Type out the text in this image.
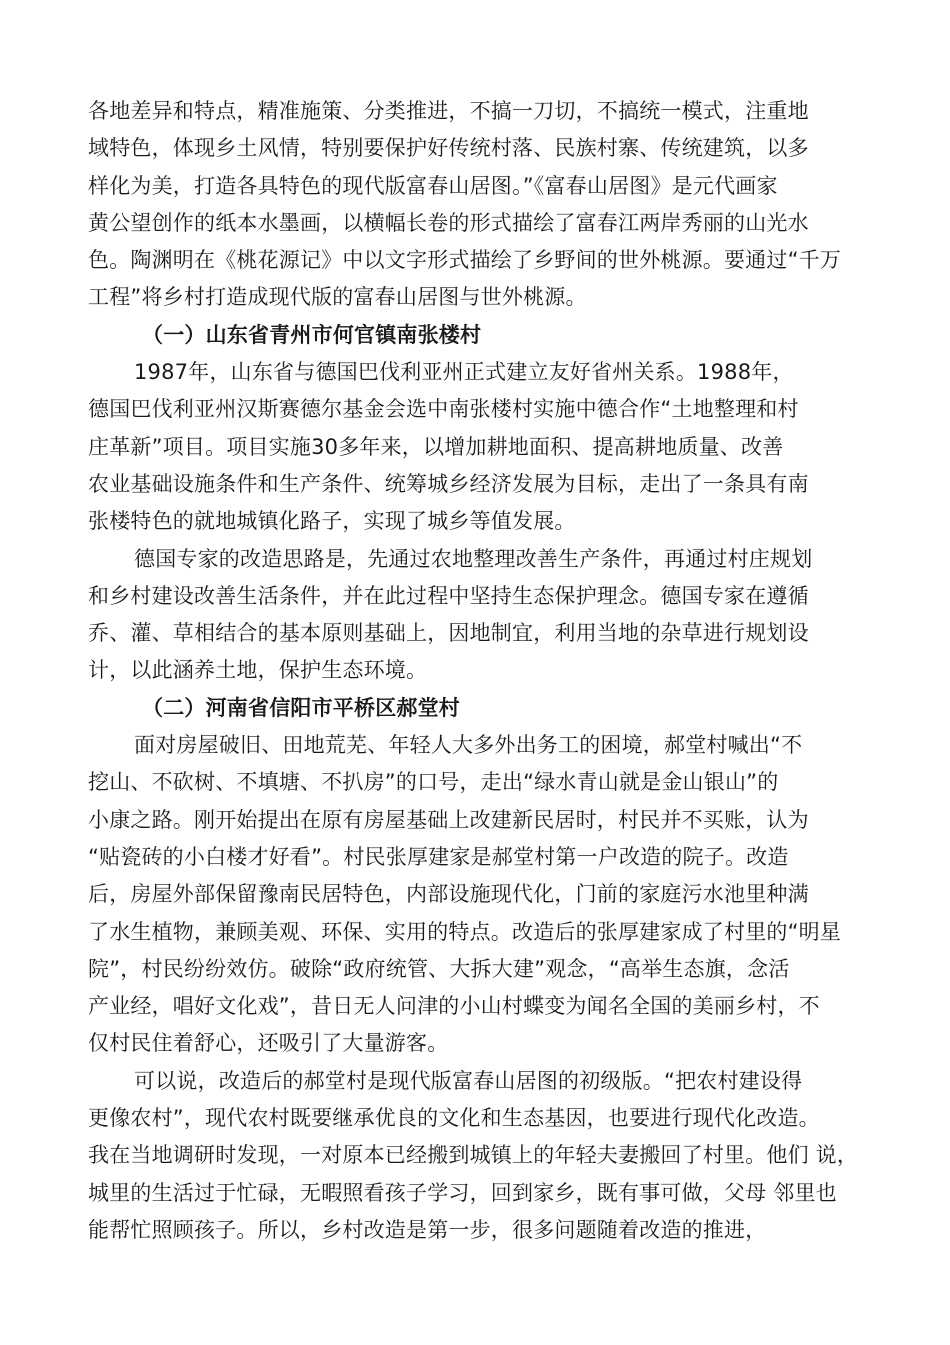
各地差异和特点，精准施策、分类推进，不搞一刀切，不搞统一模式，注重地
域特色，体现乡土风情，特别要保护好传统村落、民族村寨、传统建筑，以多
样化为美，打造各具特色的现代版富春山居图。”《富春山居图》是元代画家
黄公望创作的纸本水墨画，以横幅长卷的形式描绘了富春江两岸秀丽的山光水
色。陶渊明在《桃花源记》中以文字形式描绘了乡野间的世外桃源。要通过“千万
工程”将乡村打造成现代版的富春山居图与世外桃源。
（一）山东省青州市何官镇南张楼村
1987年，山东省与德国巴伐利亚州正式建立友好省州关系。1988年，
德国巴伐利亚州汉斯赛德尔基金会选中南张楼村实施中德合作“土地整理和村
庄革新”项目。项目实施30多年来，以增加耕地面积、提高耕地质量、改善
农业基础设施条件和生产条件、统筹城乡经济发展为目标，走出了一条具有南
张楼特色的就地城镇化路子，实现了城乡等值发展。
德国专家的改造思路是，先通过农地整理改善生产条件，再通过村庄规划
和乡村建设改善生活条件，并在此过程中坚持生态保护理念。德国专家在遵循
乔、灌、草相结合的基本原则基础上，因地制宜，利用当地的杂草进行规划设
计，以此涵养土地，保护生态环境。
（二）河南省信阳市平桥区郝堂村
面对房屋破旧、田地荒芜、年轻人大多外出务工的困境，郝堂村喊出“不
挖山、不砍树、不填塘、不扒房”的口号，走出“绿水青山就是金山银山”的
小康之路。刚开始提出在原有房屋基础上改建新民居时，村民并不买账，认为
“贴瓷砖的小白楼才好看”。村民张厚建家是郝堂村第一户改造的院子。改造
后，房屋外部保留豫南民居特色，内部设施现代化，门前的家庭污水池里种满
了水生植物，兼顾美观、环保、实用的特点。改造后的张厚建家成了村里的“明星
院”，村民纷纷效仿。破除“政府统管、大拆大建”观念，“高举生态旗，念活
产业经，唱好文化戏”，昔日无人问津的小山村蝶变为闻名全国的美丽乡村，不
仅村民住着舒心，还吸引了大量游客。
可以说，改造后的郝堂村是现代版富春山居图的初级版。“把农村建设得
更像农村”，现代农村既要继承优良的文化和生态基因，也要进行现代化改造。
我在当地调研时发现，一对原本已经搬到城镇上的年轻夫妻搬回了村里。他们 说，
城里的生活过于忙碌，无暇照看孩子学习，回到家乡，既有事可做，父母 邻里也
能帮忙照顾孩子。所以，乡村改造是第一步，很多问题随着改造的推进，
